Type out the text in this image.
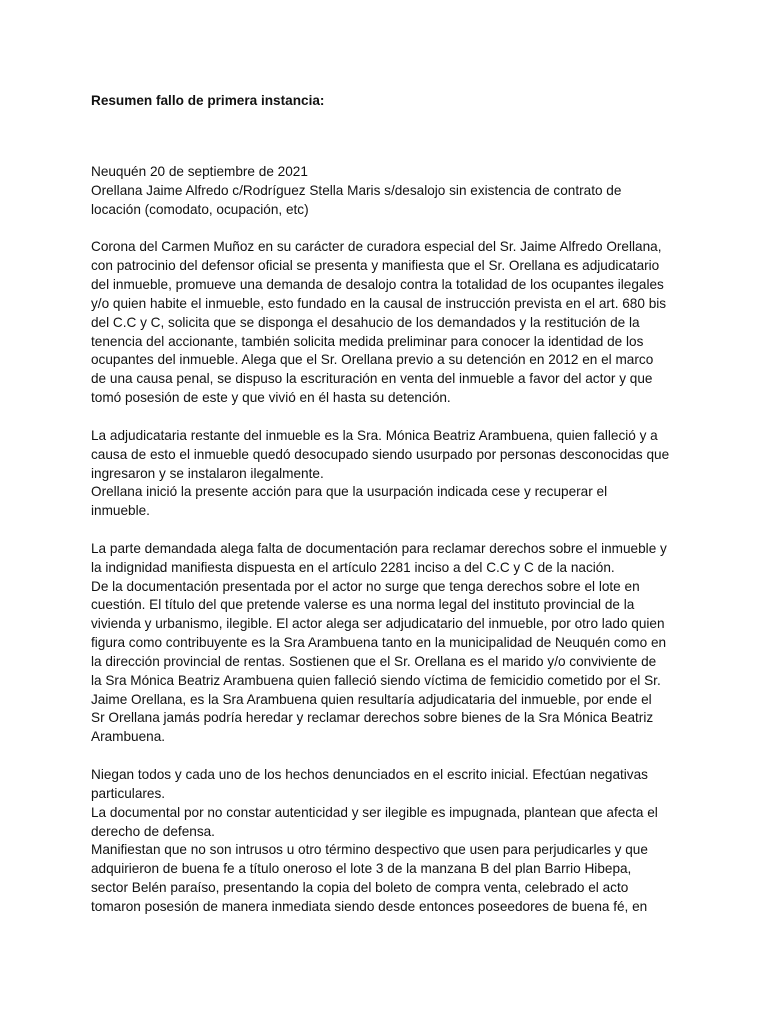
Resumen fallo de primera instancia:
Neuquén 20 de septiembre de 2021
Orellana Jaime Alfredo c/Rodríguez Stella Maris s/desalojo sin existencia de contrato de
locación (comodato, ocupación, etc)
Corona del Carmen Muñoz en su carácter de curadora especial del Sr. Jaime Alfredo Orellana,
con patrocinio del defensor oficial se presenta y manifiesta que el Sr. Orellana es adjudicatario
del inmueble, promueve una demanda de desalojo contra la totalidad de los ocupantes ilegales
y/o quien habite el inmueble, esto fundado en la causal de instrucción prevista en el art. 680 bis
del C.C y C, solicita que se disponga el desahucio de los demandados y la restitución de la
tenencia del accionante, también solicita medida preliminar para conocer la identidad de los
ocupantes del inmueble. Alega que el Sr. Orellana previo a su detención en 2012 en el marco
de una causa penal, se dispuso la escrituración en venta del inmueble a favor del actor y que
tomó posesión de este y que vivió en él hasta su detención.
La adjudicataria restante del inmueble es la Sra. Mónica Beatriz Arambuena, quien falleció y a
causa de esto el inmueble quedó desocupado siendo usurpado por personas desconocidas que
ingresaron y se instalaron ilegalmente.
Orellana inició la presente acción para que la usurpación indicada cese y recuperar el
inmueble.
La parte demandada alega falta de documentación para reclamar derechos sobre el inmueble y
la indignidad manifiesta dispuesta en el artículo 2281 inciso a del C.C y C de la nación.
De la documentación presentada por el actor no surge que tenga derechos sobre el lote en
cuestión. El título del que pretende valerse es una norma legal del instituto provincial de la
vivienda y urbanismo, ilegible. El actor alega ser adjudicatario del inmueble, por otro lado quien
figura como contribuyente es la Sra Arambuena tanto en la municipalidad de Neuquén como en
la dirección provincial de rentas. Sostienen que el Sr. Orellana es el marido y/o conviviente de
la Sra Mónica Beatriz Arambuena quien falleció siendo víctima de femicidio cometido por el Sr.
Jaime Orellana, es la Sra Arambuena quien resultaría adjudicataria del inmueble, por ende el
Sr Orellana jamás podría heredar y reclamar derechos sobre bienes de la Sra Mónica Beatriz
Arambuena.
Niegan todos y cada uno de los hechos denunciados en el escrito inicial. Efectúan negativas
particulares.
La documental por no constar autenticidad y ser ilegible es impugnada, plantean que afecta el
derecho de defensa.
Manifiestan que no son intrusos u otro término despectivo que usen para perjudicarles y que
adquirieron de buena fe a título oneroso el lote 3 de la manzana B del plan Barrio Hibepa,
sector Belén paraíso, presentando la copia del boleto de compra venta, celebrado el acto
tomaron posesión de manera inmediata siendo desde entonces poseedores de buena fé, en
